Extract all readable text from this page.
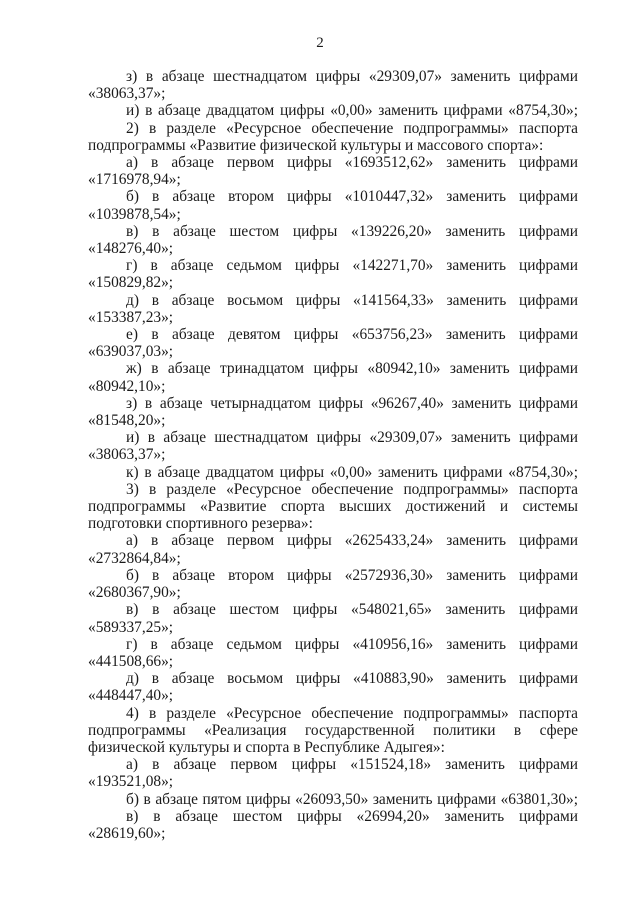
2

з) в абзаце шестнадцатом цифры «29309,07» заменить цифрами «38063,37»;

и) в абзаце двадцатом цифры «0,00» заменить цифрами «8754,30»;

2) в разделе «Ресурсное обеспечение подпрограммы» паспорта подпрограммы «Развитие физической культуры и массового спорта»:

а) в абзаце первом цифры «1693512,62» заменить цифрами «1716978,94»;

б) в абзаце втором цифры «1010447,32» заменить цифрами «1039878,54»;

в) в абзаце шестом цифры «139226,20» заменить цифрами «148276,40»;

г) в абзаце седьмом цифры «142271,70» заменить цифрами «150829,82»;

д) в абзаце восьмом цифры «141564,33» заменить цифрами «153387,23»;

е) в абзаце девятом цифры «653756,23» заменить цифрами «639037,03»;

ж) в абзаце тринадцатом цифры «80942,10» заменить цифрами «80942,10»;

з) в абзаце четырнадцатом цифры «96267,40» заменить цифрами «81548,20»;

и) в абзаце шестнадцатом цифры «29309,07» заменить цифрами «38063,37»;

к) в абзаце двадцатом цифры «0,00» заменить цифрами «8754,30»;

3) в разделе «Ресурсное обеспечение подпрограммы» паспорта подпрограммы «Развитие спорта высших достижений и системы подготовки спортивного резерва»:

а) в абзаце первом цифры «2625433,24» заменить цифрами «2732864,84»;

б) в абзаце втором цифры «2572936,30» заменить цифрами «2680367,90»;

в) в абзаце шестом цифры «548021,65» заменить цифрами «589337,25»;

г) в абзаце седьмом цифры «410956,16» заменить цифрами «441508,66»;

д) в абзаце восьмом цифры «410883,90» заменить цифрами «448447,40»;

4) в разделе «Ресурсное обеспечение подпрограммы» паспорта подпрограммы «Реализация государственной политики в сфере физической культуры и спорта в Республике Адыгея»:

а) в абзаце первом цифры «151524,18» заменить цифрами «193521,08»;

б) в абзаце пятом цифры «26093,50» заменить цифрами «63801,30»;

в) в абзаце шестом цифры «26994,20» заменить цифрами «28619,60»;
